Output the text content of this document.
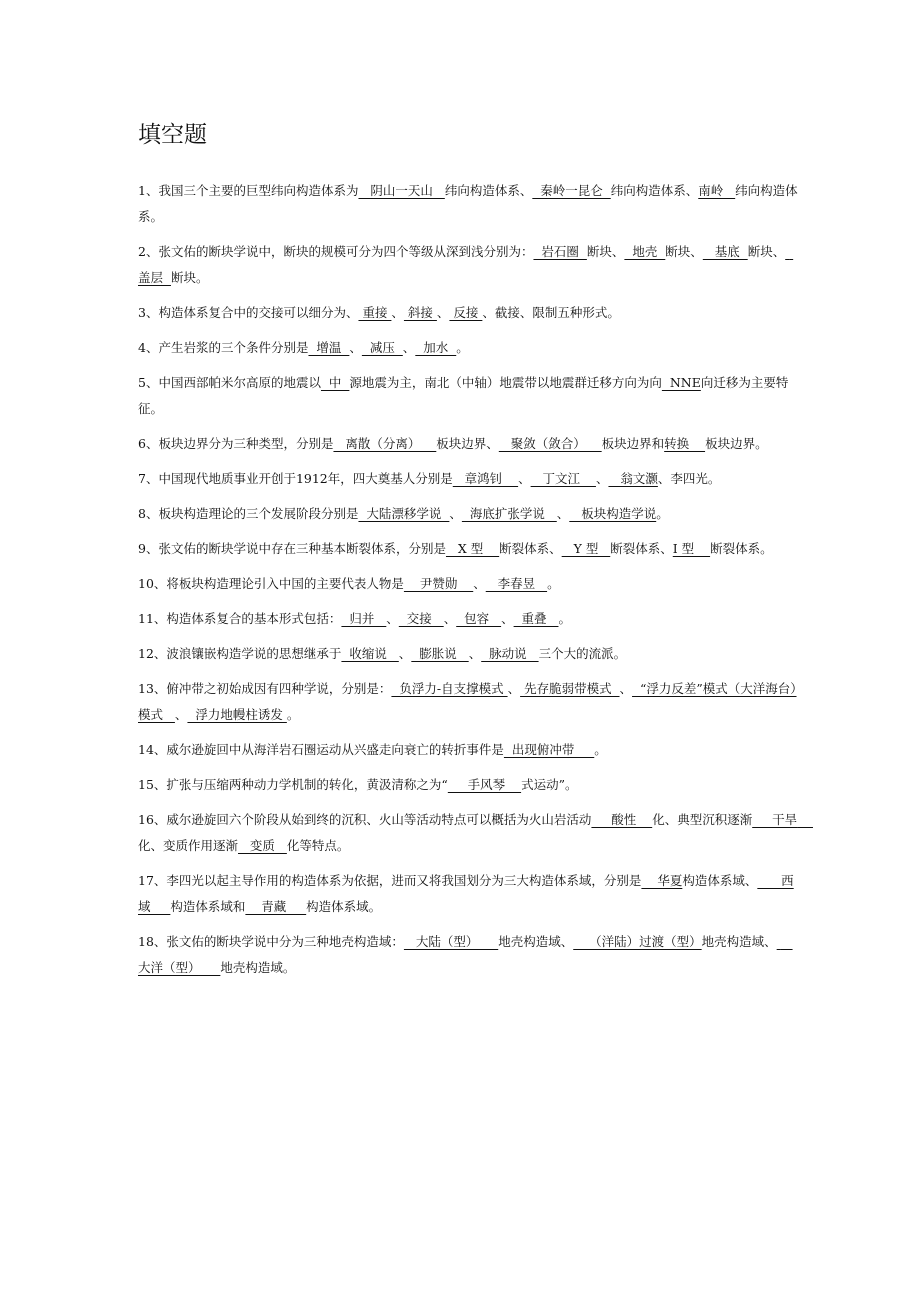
填空题

1、我国三个主要的巨型纬向构造体系为   阴山一天山   纬向构造体系、  秦岭一昆仑  纬向构造体系、南岭   纬向构造体系。

2、张文佑的断块学说中，断块的规模可分为四个等级从深到浅分别为：  岩石圈  断块、  地壳  断块、   基底  断块、  盖层  断块。

3、构造体系复合中的交接可以细分为、 重接 、 斜接 、 反接 、截接、限制五种形式。

4、产生岩浆的三个条件分别是  增温  、  减压  、  加水  。

5、中国西部帕米尔高原的地震以  中  源地震为主，南北（中轴）地震带以地震群迁移方向为向  NNE向迁移为主要特征。

6、板块边界分为三种类型，分别是   离散（分离）    板块边界、   聚敛（敛合）    板块边界和转换    板块边界。

7、中国现代地质事业开创于1912年，四大奠基人分别是   章鸿钊    、   丁文江    、   翁文灏、李四光。

8、板块构造理论的三个发展阶段分别是  大陆漂移学说  、  海底扩张学说   、   板块构造学说。

9、张文佑的断块学说中存在三种基本断裂体系，分别是   X 型    断裂体系、   Y 型   断裂体系、I 型    断裂体系。

10、将板块构造理论引入中国的主要代表人物是    尹赞勋    、   李春昱   。

11、构造体系复合的基本形式包括：  归并   、  交接   、  包容   、  重叠   。

12、波浪镶嵌构造学说的思想继承于  收缩说   、  膨胀说   、  脉动说   三个大的流派。

13、俯冲带之初始成因有四种学说，分别是：  负浮力-自支撑模式 、 先存脆弱带模式  、  “浮力反差”模式（大洋海台）模式   、  浮力地幔柱诱发 。

14、威尔逊旋回中从海洋岩石圈运动从兴盛走向衰亡的转折事件是  出现俯冲带     。

15、扩张与压缩两种动力学机制的转化，黄汲清称之为“     手风琴    式运动”。

16、威尔逊旋回六个阶段从始到终的沉积、火山等活动特点可以概括为火山岩活动     酸性    化、典型沉积逐渐     干旱    化、变质作用逐渐   变质   化等特点。

17、李四光以起主导作用的构造体系为依据，进而又将我国划分为三大构造体系域，分别是    华夏构造体系域、      西域     构造体系域和    青藏     构造体系域。

18、张文佑的断块学说中分为三种地壳构造域：   大陆（型）     地壳构造域、    （洋陆）过渡（型）地壳构造域、    大洋（型）     地壳构造域。
